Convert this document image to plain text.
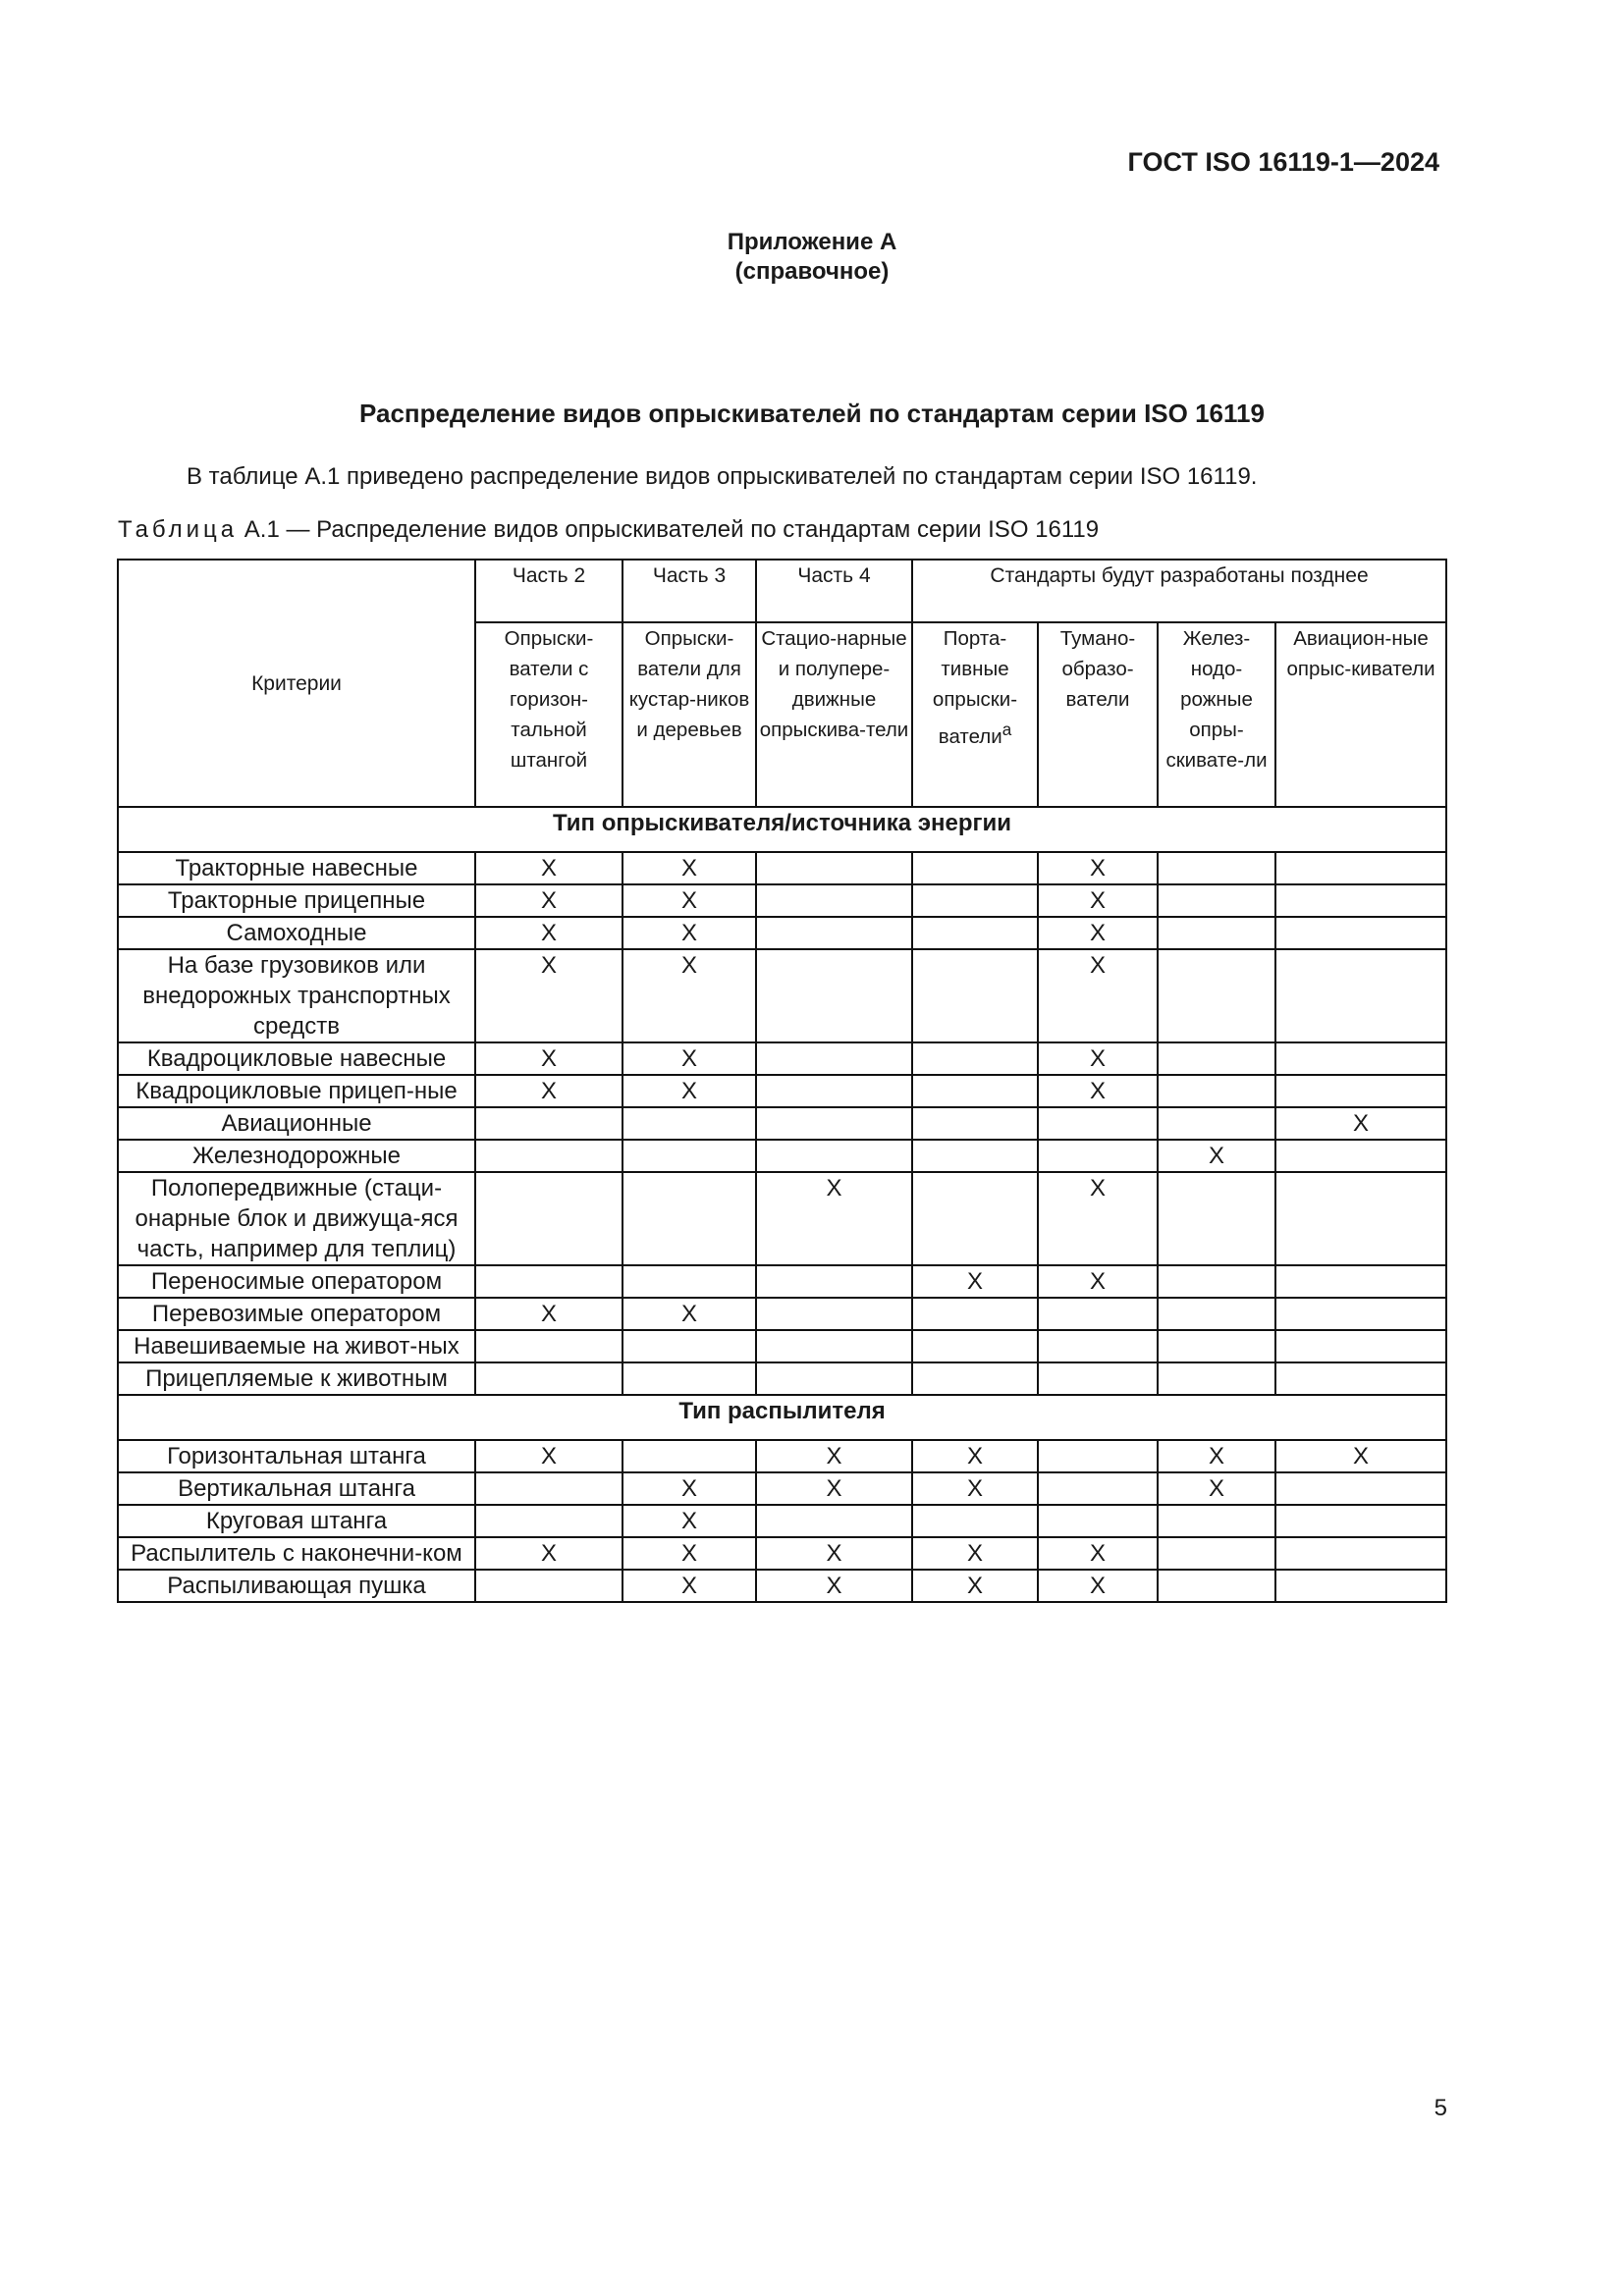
ГОСТ ISO 16119-1—2024
Приложение А
(справочное)
Распределение видов опрыскивателей по стандартам серии ISO 16119
В таблице А.1 приведено распределение видов опрыскивателей по стандартам серии ISO 16119.
Таблица А.1 — Распределение видов опрыскивателей по стандартам серии ISO 16119
Критерии	Часть 2	Часть 3	Часть 4	Стандарты будут разработаны позднее			
	Опрыски-ватели с горизон-тальной штангой	Опрыски-ватели для кустар-ников и деревьев	Стацио-нарные и полупере-движные опрыскива-тели	Порта-тивные опрыски-ватели$^a$	Тумано-образо-ватели	Желез-нодо-рожные опры-скивате-ли	Авиацион-ные опрыс-киватели
Тип опрыскивателя/источника энергии							
Тракторные навесные	X	X			X		
Тракторные прицепные	X	X			X		
Самоходные	X	X			X		
На базе грузовиков или внедорожных транспортных средств	X	X			X		
Квадроцикловые навесные	X	X			X		
Квадроцикловые прицеп-ные	X	X			X		
Авиационные							X
Железнодорожные						X	
Полопередвижные (стаци-онарные блок и движуща-яся часть, например для теплиц)			X		X		
Переносимые оператором				X	X		
Перевозимые оператором	X	X					
Навешиваемые на живот-ных							
Прицепляемые к животным							
Тип распылителя							
Горизонтальная штанга	X		X	X		X	X
Вертикальная штанга		X	X	X		X	
Круговая штанга		X					
Распылитель с наконечни-ком	X	X	X	X	X		
Распыливающая пушка		X	X	X	X		
5
